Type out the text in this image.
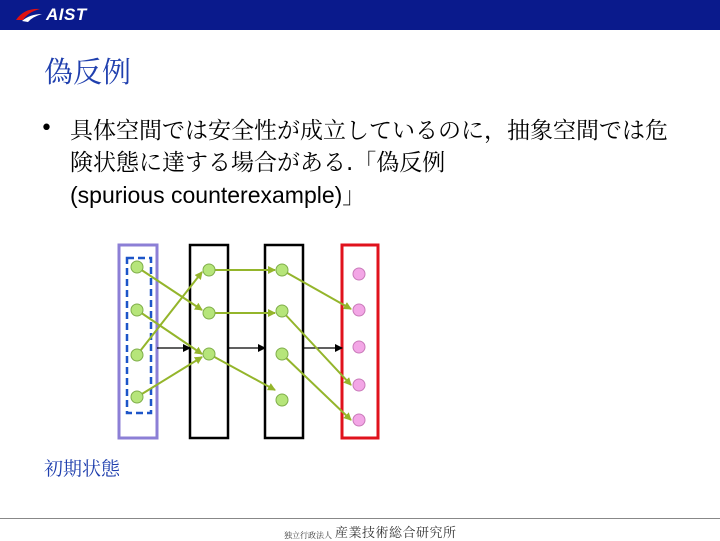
AIST
偽反例
• 具体空間では安全性が成立しているのに，抽象空間では危険状態に達する場合がある.「偽反例
(spurious counterexample)」
初期状態
独立行政法人 産業技術総合研究所
